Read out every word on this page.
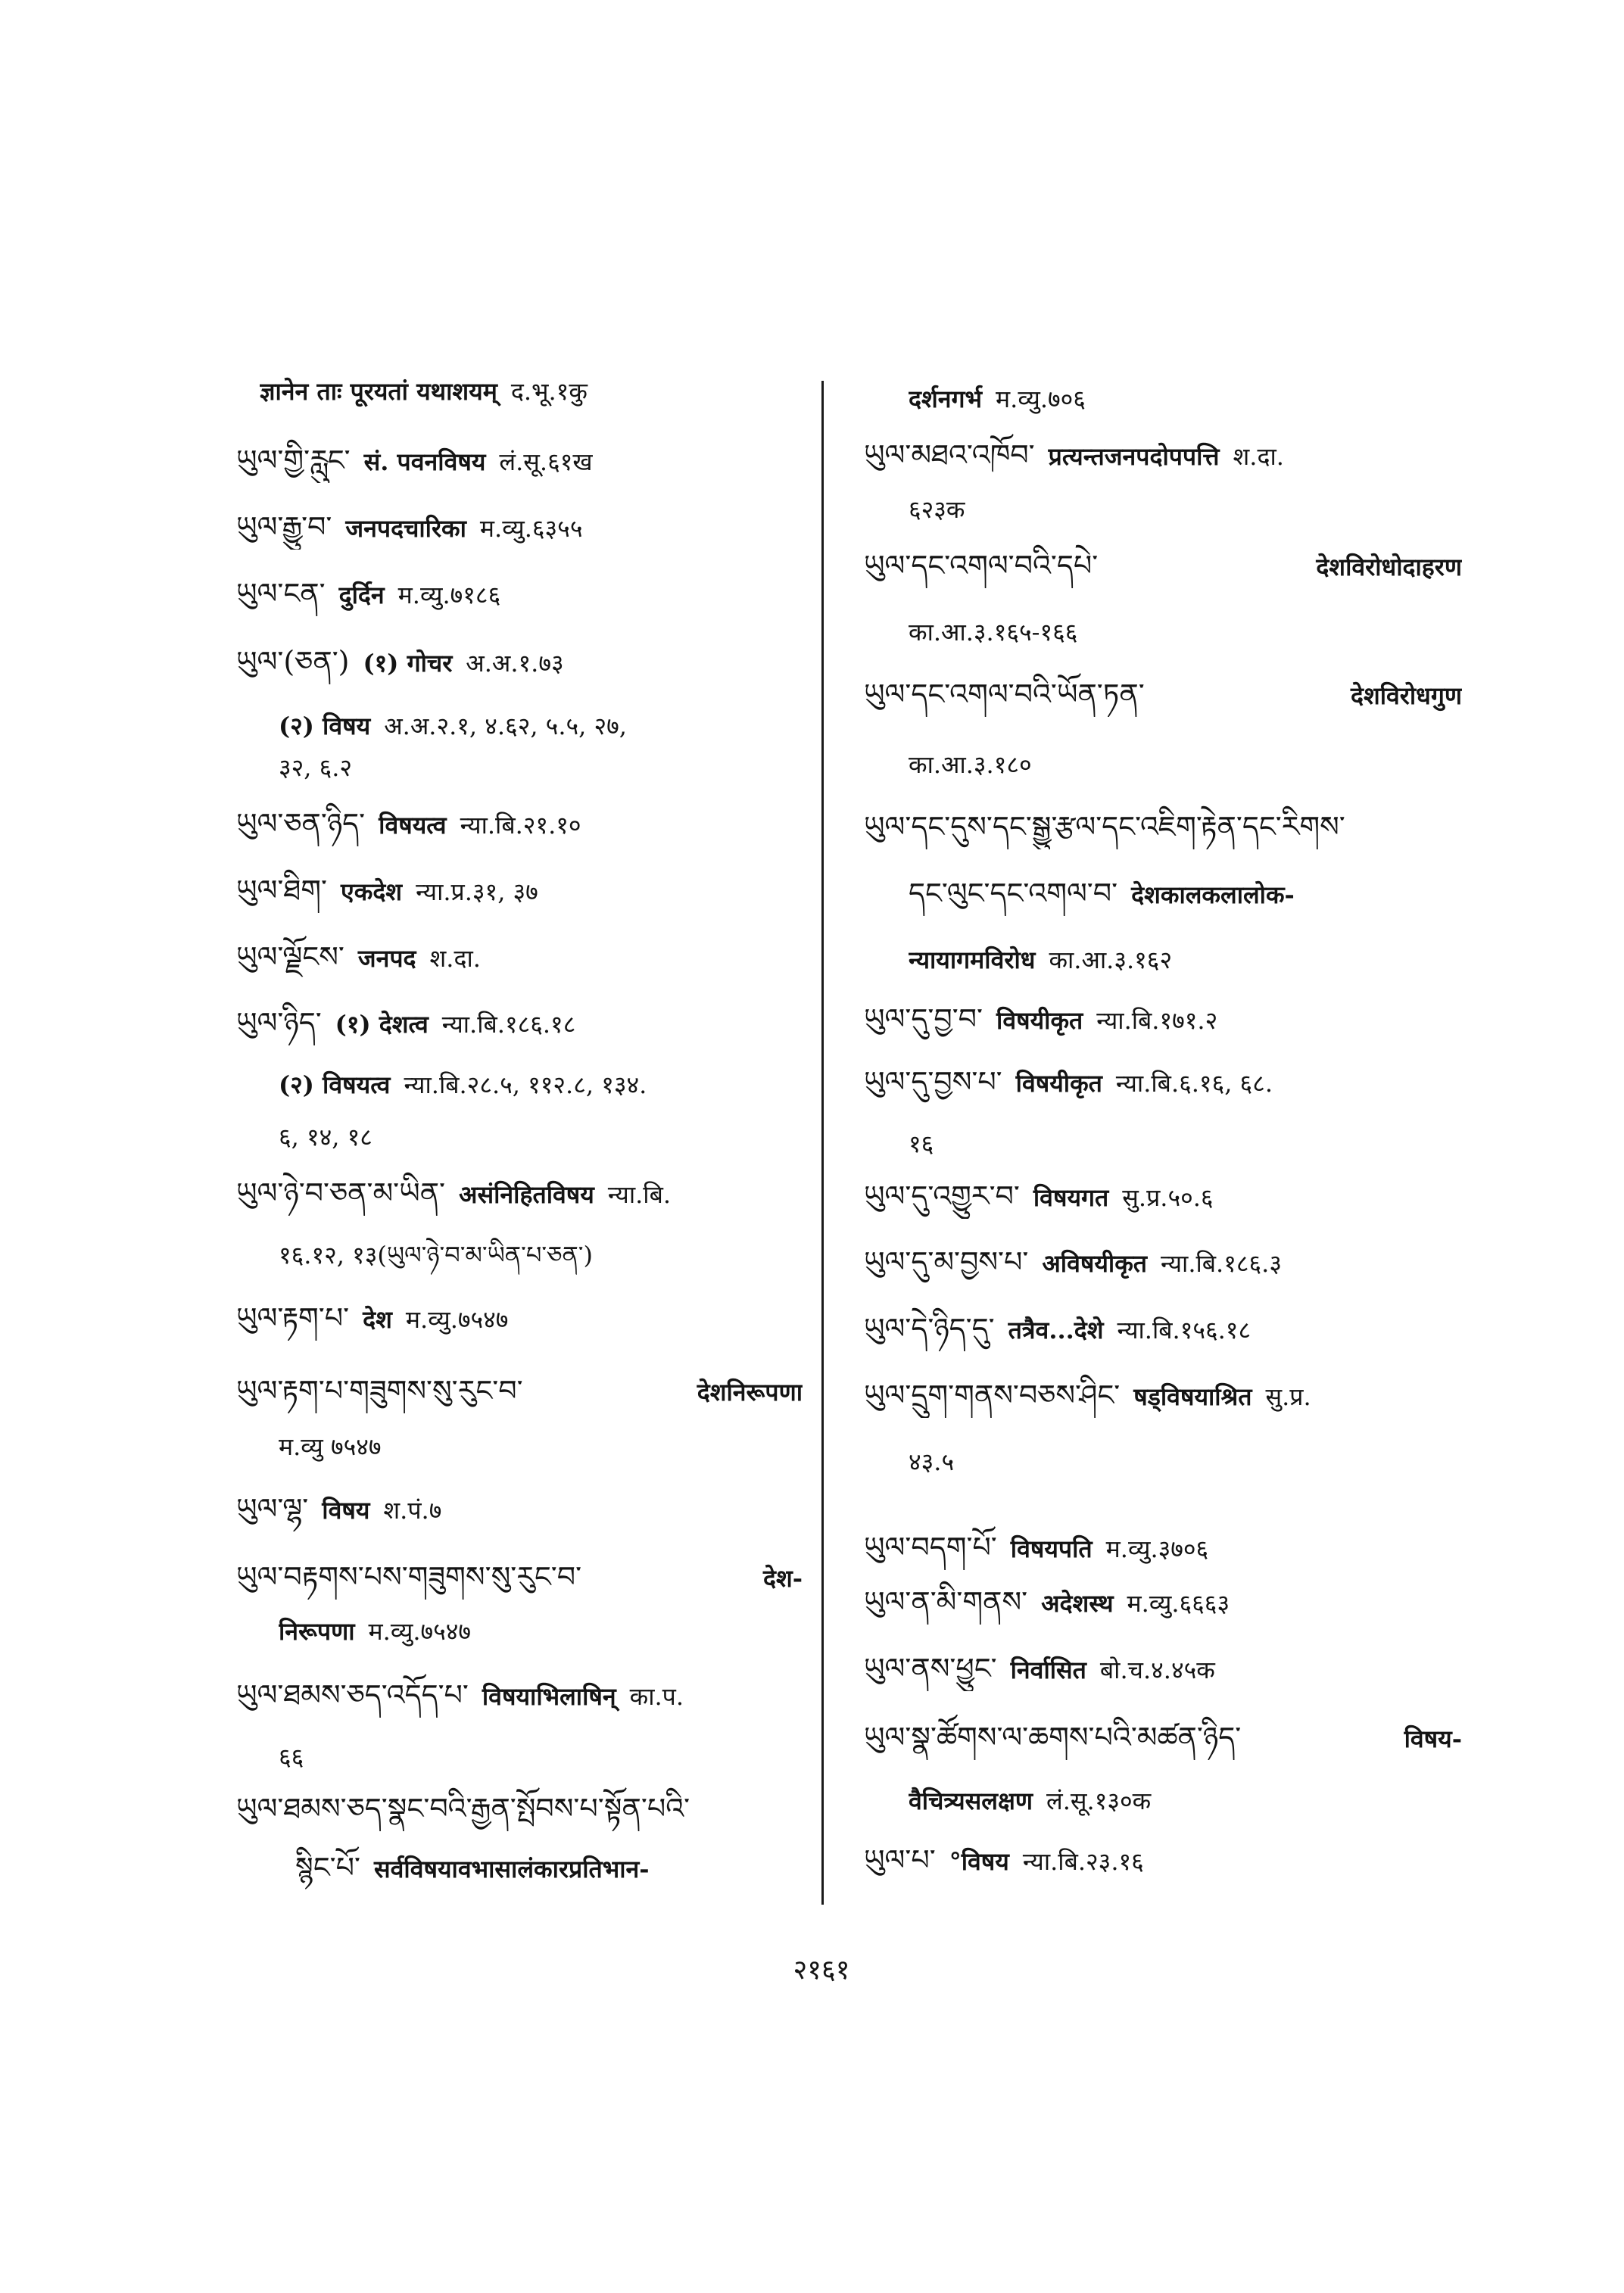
ज्ञानेन ताः पूरयतां यथाशयम् द.भू.१कु
ཡུལ་གྱི་རླུང་ सं. पवनविषय लं.सू.६१ख
ཡུལ་རྒྱུ་བ་ जनपदचारिका म.व्यु.६३५५
ཡུལ་ངན་ दुर्दिन म.व्यु.७१८६
ཡུལ་(ཅན་) (१) गोचर अ.अ.१.७३
(२) विषय अ.अ.२.१, ४.६२, ५.५, २७,
३२, ६.२
ཡུལ་ཅན་ཉིད་ विषयत्व न्या.बि.२१.१०
ཡུལ་ཐིག་ एकदेश न्या.प्र.३१, ३७
ཡུལ་ལྗོངས་ जनपद श.दा.
ཡུལ་ཉིད་ (१) देशत्व न्या.बि.१८६.१८
(२) विषयत्व न्या.बि.२८.५, ११२.८, १३४.
६, १४, १८
ཡུལ་ཉེ་བ་ཅན་མ་ཡིན་ असंनिहितविषय न्या.बि.
१६.१२, १३(ཡུལ་ཉེ་བ་མ་ཡིན་པ་ཅན་)
ཡུལ་རྟག་པ་ देश म.व्यु.७५४७
ཡུལ་རྟག་པ་གཟུགས་སུ་རུང་བ་	देशनिरूपणा
म.व्यु ७५४७
ཡུལ་ལྷ་ विषय श.पं.७
ཡུལ་བརྟགས་པས་གཟུགས་སུ་རུང་བ་	देश-
निरूपणा म.व्यु.७५४७
ཡུལ་ཐམས་ཅད་འདོད་པ་ विषयाभिलाषिन् का.प.
६६
ཡུལ་ཐམས་ཅད་སྣང་བའི་རྒྱན་སྤོབས་པ་སྟོན་པའི་
སྙིང་པོ་ सर्वविषयावभासालंकारप्रतिभान-
दर्शनगर्भ म.व्यु.७०६
ཡུལ་མཐའ་འཁོབ་ प्रत्यन्तजनपदोपपत्ति श.दा.
६२३क
ཡུལ་དང་འགལ་བའི་དཔེ་	देशविरोधोदाहरण
का.आ.३.१६५-१६६
ཡུལ་དང་འགལ་བའི་ཡོན་ཏན་	देशविरोधगुण
का.आ.३.१८०
ཡུལ་དང་དུས་དང་སྒྱུ་རྩལ་དང་འཇིག་རྟེན་དང་རིགས་
དང་ལུང་དང་འགལ་བ་ देशकालकलालोक-
न्यायागमविरोध का.आ.३.१६२
ཡུལ་དུ་བྱ་བ་ विषयीकृत न्या.बि.१७१.२
ཡུལ་དུ་བྱས་པ་ विषयीकृत न्या.बि.६.१६, ६८.
१६
ཡུལ་དུ་འགྱུར་བ་ विषयगत सु.प्र.५०.६
ཡུལ་དུ་མ་བྱས་པ་ अविषयीकृत न्या.बि.१८६.३
ཡུལ་དེ་ཉིད་དུ་ तत्रैव...देशे न्या.बि.१५६.१८
ཡུལ་དྲུག་གནས་བཅས་ཤིང་ षड्विषयाश्रित सु.प्र.
४३.५
ཡུལ་བདག་པོ་ विषयपति म.व्यु.३७०६
ཡུལ་ན་མི་གནས་ अदेशस्थ म.व्यु.६६६३
ཡུལ་ནས་ཕྱུང་ निर्वासित बो.च.४.४५क
ཡུལ་སྣ་ཚོགས་ལ་ཆགས་པའི་མཚན་ཉིད་	विषय-
वैचित्र्यसलक्षण लं.सू.१३०क
ཡུལ་པ་ °विषय न्या.बि.२३.१६
२१६१
